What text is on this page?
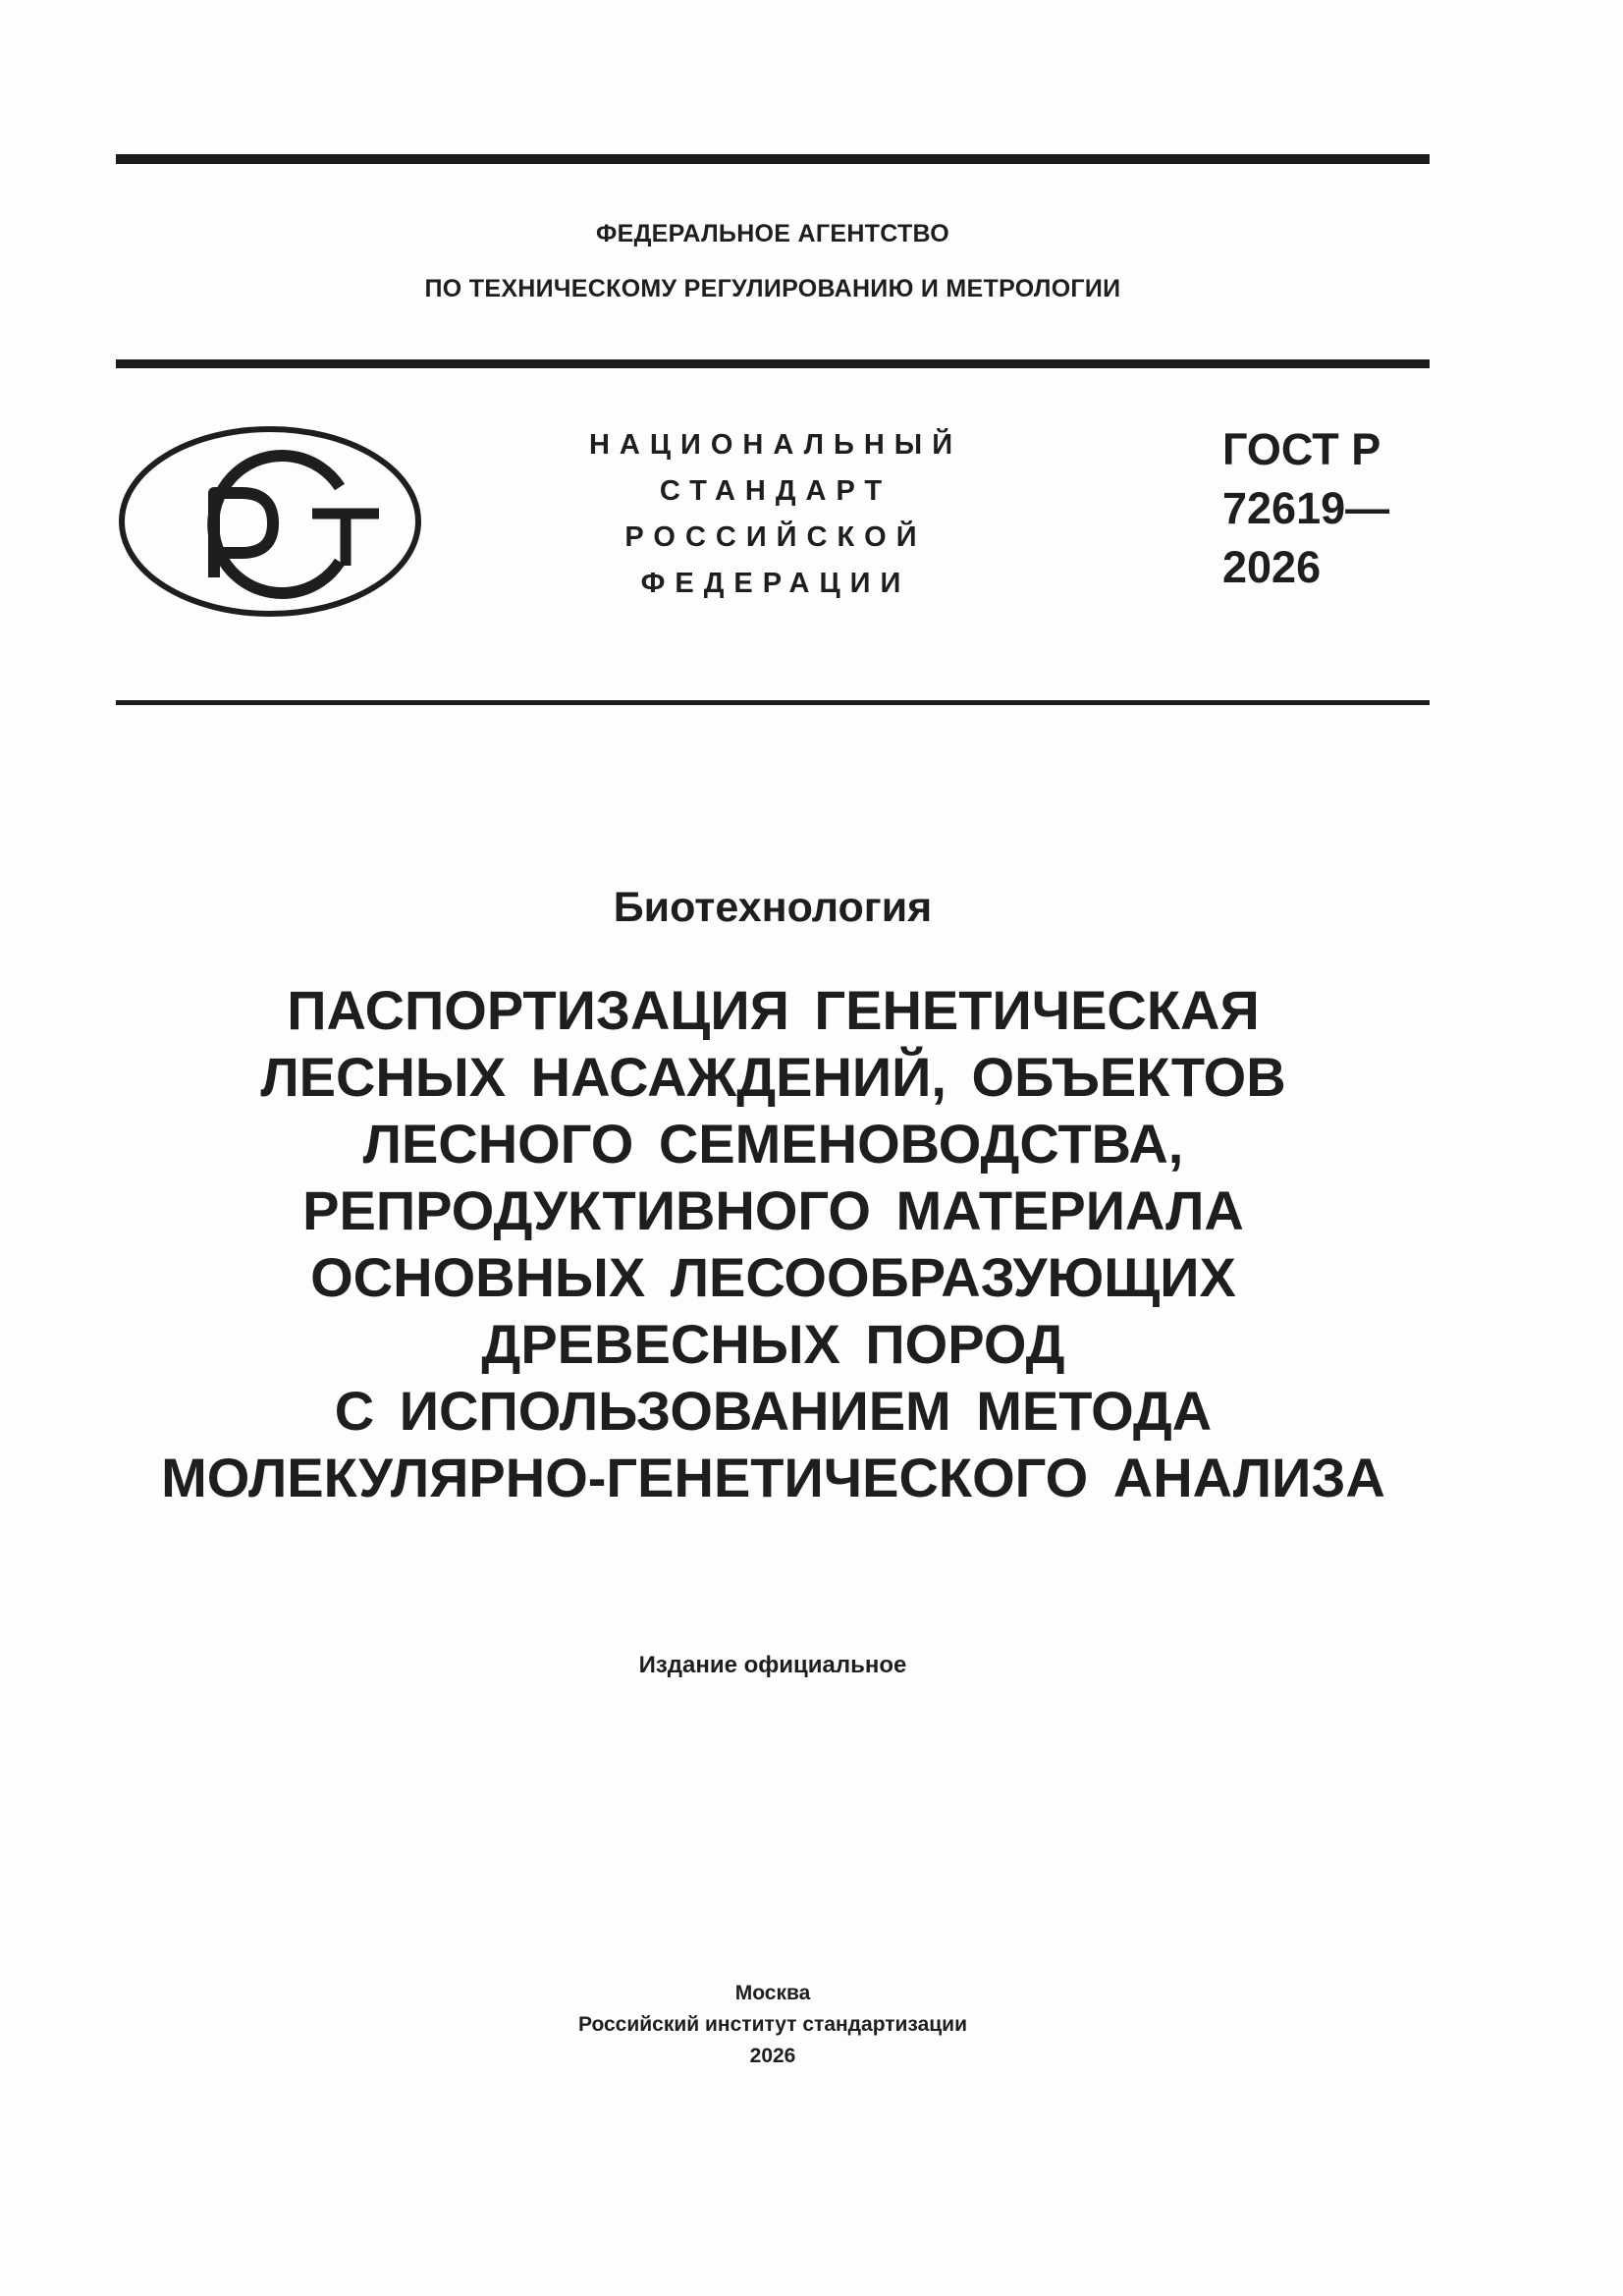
ФЕДЕРАЛЬНОЕ АГЕНТСТВО
ПО ТЕХНИЧЕСКОМУ РЕГУЛИРОВАНИЮ И МЕТРОЛОГИИ
НАЦИОНАЛЬНЫЙ
СТАНДАРТ
РОССИЙСКОЙ
ФЕДЕРАЦИИ
ГОСТ Р
72619—
2026
Биотехнология
ПАСПОРТИЗАЦИЯ ГЕНЕТИЧЕСКАЯ
ЛЕСНЫХ НАСАЖДЕНИЙ, ОБЪЕКТОВ
ЛЕСНОГО СЕМЕНОВОДСТВА,
РЕПРОДУКТИВНОГО МАТЕРИАЛА
ОСНОВНЫХ ЛЕСООБРАЗУЮЩИХ
ДРЕВЕСНЫХ ПОРОД
С ИСПОЛЬЗОВАНИЕМ МЕТОДА
МОЛЕКУЛЯРНО-ГЕНЕТИЧЕСКОГО АНАЛИЗА
Издание официальное
Москва
Российский институт стандартизации
2026
